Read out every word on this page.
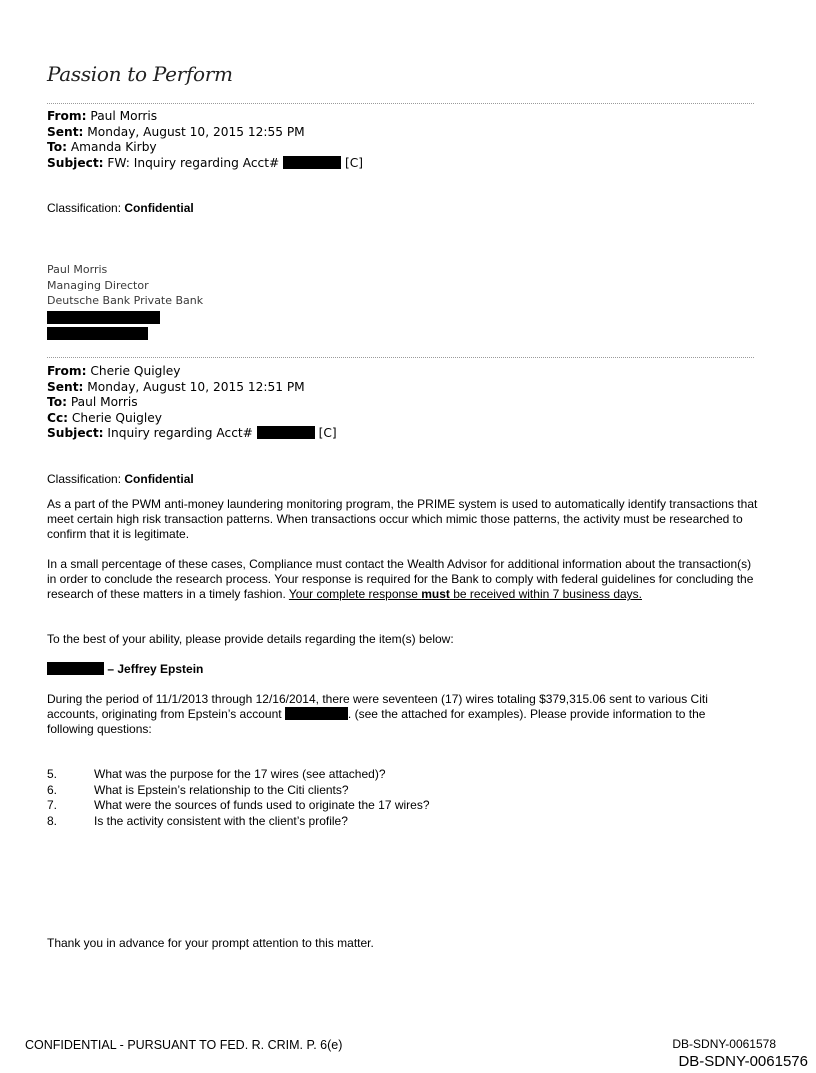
Passion to Perform
From: Paul Morris
Sent: Monday, August 10, 2015 12:55 PM
To: Amanda Kirby
Subject: FW: Inquiry regarding Acct#	[C]
Classification: Confidential
Paul Morris
Managing Director
Deutsche Bank Private Bank
From: Cherie Quigley
Sent: Monday, August 10, 2015 12:51 PM
To: Paul Morris
Cc: Cherie Quigley
Subject: Inquiry regarding Acct#	[C]
Classification: Confidential
As a part of the PWM anti-money laundering monitoring program, the PRIME system is used to automatically identify transactions that meet certain high risk transaction patterns. When transactions occur which mimic those patterns, the activity must be researched to confirm that it is legitimate.
In a small percentage of these cases, Compliance must contact the Wealth Advisor for additional information about the transaction(s) in order to conclude the research process. Your response is required for the Bank to comply with federal guidelines for concluding the research of these matters in a timely fashion. Your complete response must be received within 7 business days.
To the best of your ability, please provide details regarding the item(s) below:
– Jeffrey Epstein
During the period of 11/1/2013 through 12/16/2014, there were seventeen (17) wires totaling $379,315.06 sent to various Citi accounts, originating from Epstein’s account	. (see the attached for examples). Please provide information to the following questions:
5.	What was the purpose for the 17 wires (see attached)?
6.	What is Epstein’s relationship to the Citi clients?
7.	What were the sources of funds used to originate the 17 wires?
8.	Is the activity consistent with the client’s profile?
Thank you in advance for your prompt attention to this matter.
CONFIDENTIAL - PURSUANT TO FED. R. CRIM. P. 6(e)	DB-SDNY-0061578
DB-SDNY-0061576
